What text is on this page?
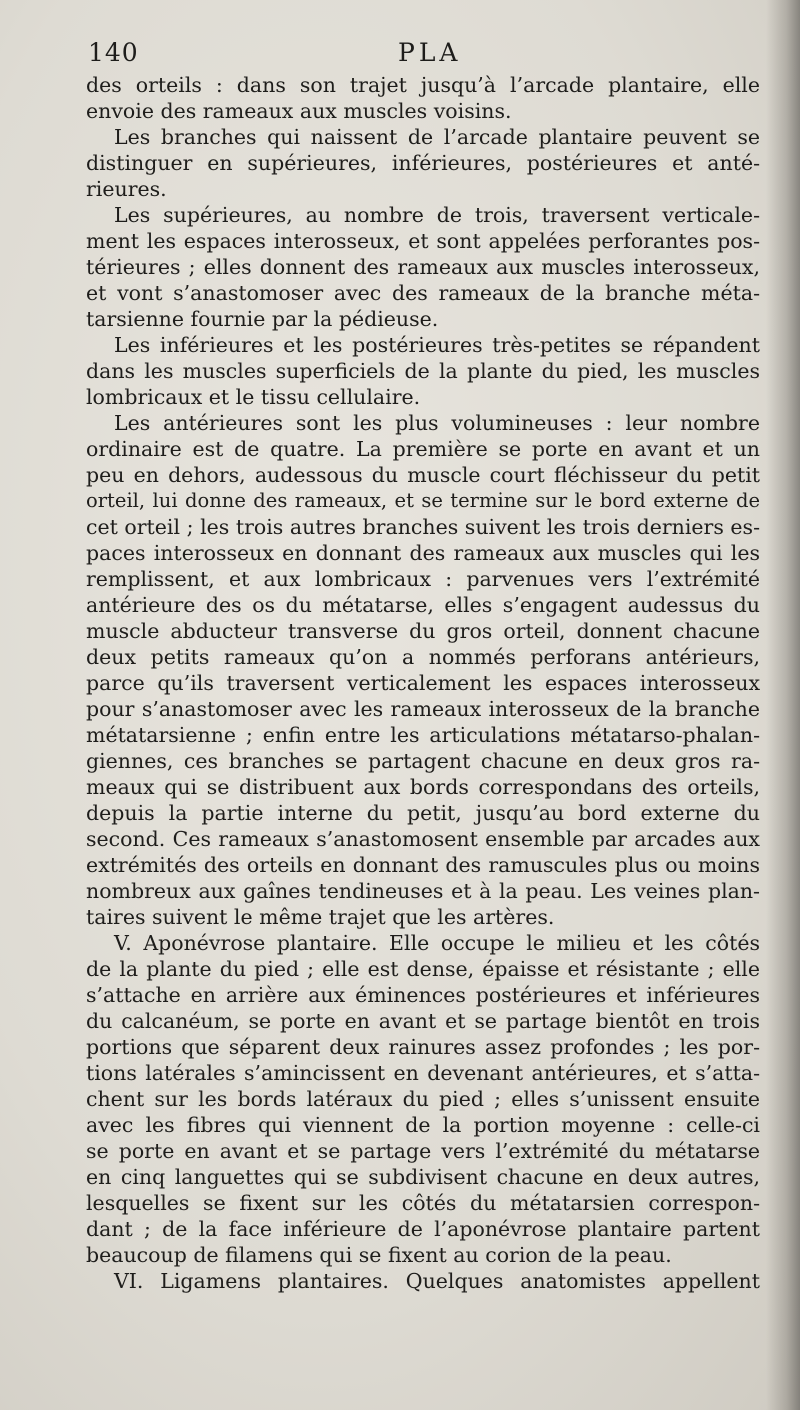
140	PLA
des orteils : dans son trajet jusqu’à l’arcade plantaire, elle
envoie des rameaux aux muscles voisins.
Les branches qui naissent de l’arcade plantaire peuvent se
distinguer en supérieures, inférieures, postérieures et anté-
rieures.
Les supérieures, au nombre de trois, traversent verticale-
ment les espaces interosseux, et sont appelées perforantes pos-
térieures ; elles donnent des rameaux aux muscles interosseux,
et vont s’anastomoser avec des rameaux de la branche méta-
tarsienne fournie par la pédieuse.
Les inférieures et les postérieures très-petites se répandent
dans les muscles superficiels de la plante du pied, les muscles
lombricaux et le tissu cellulaire.
Les antérieures sont les plus volumineuses : leur nombre
ordinaire est de quatre. La première se porte en avant et un
peu en dehors, audessous du muscle court fléchisseur du petit
orteil, lui donne des rameaux, et se termine sur le bord externe de
cet orteil ; les trois autres branches suivent les trois derniers es-
paces interosseux en donnant des rameaux aux muscles qui les
remplissent, et aux lombricaux : parvenues vers l’extrémité
antérieure des os du métatarse, elles s’engagent audessus du
muscle abducteur transverse du gros orteil, donnent chacune
deux petits rameaux qu’on a nommés perforans antérieurs,
parce qu’ils traversent verticalement les espaces interosseux
pour s’anastomoser avec les rameaux interosseux de la branche
métatarsienne ; enfin entre les articulations métatarso-phalan-
giennes, ces branches se partagent chacune en deux gros ra-
meaux qui se distribuent aux bords correspondans des orteils,
depuis la partie interne du petit, jusqu’au bord externe du
second. Ces rameaux s’anastomosent ensemble par arcades aux
extrémités des orteils en donnant des ramuscules plus ou moins
nombreux aux gaînes tendineuses et à la peau. Les veines plan-
taires suivent le même trajet que les artères.
V. Aponévrose plantaire. Elle occupe le milieu et les côtés
de la plante du pied ; elle est dense, épaisse et résistante ; elle
s’attache en arrière aux éminences postérieures et inférieures
du calcanéum, se porte en avant et se partage bientôt en trois
portions que séparent deux rainures assez profondes ; les por-
tions latérales s’amincissent en devenant antérieures, et s’atta-
chent sur les bords latéraux du pied ; elles s’unissent ensuite
avec les fibres qui viennent de la portion moyenne : celle-ci
se porte en avant et se partage vers l’extrémité du métatarse
en cinq languettes qui se subdivisent chacune en deux autres,
lesquelles se fixent sur les côtés du métatarsien correspon-
dant ; de la face inférieure de l’aponévrose plantaire partent
beaucoup de filamens qui se fixent au corion de la peau.
VI. Ligamens plantaires. Quelques anatomistes appellent
